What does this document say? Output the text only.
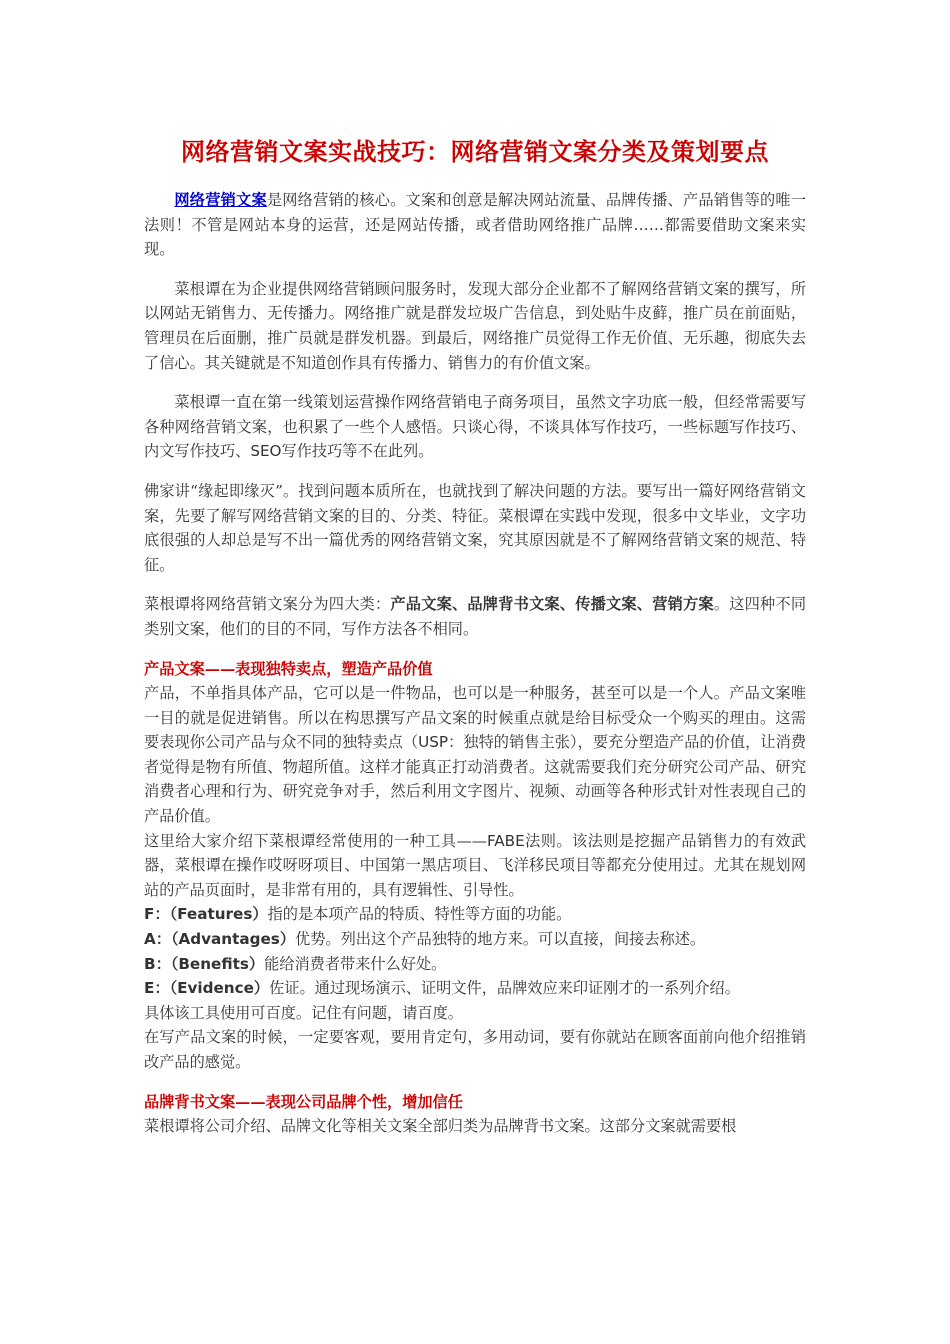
网络营销文案实战技巧：网络营销文案分类及策划要点

网络营销文案是网络营销的核心。文案和创意是解决网站流量、品牌传播、产品销售等的唯一法则！不管是网站本身的运营，还是网站传播，或者借助网络推广品牌……都需要借助文案来实现。

菜根谭在为企业提供网络营销顾问服务时，发现大部分企业都不了解网络营销文案的撰写，所以网站无销售力、无传播力。网络推广就是群发垃圾广告信息，到处贴牛皮藓，推广员在前面贴，管理员在后面删，推广员就是群发机器。到最后，网络推广员觉得工作无价值、无乐趣，彻底失去了信心。其关键就是不知道创作具有传播力、销售力的有价值文案。

菜根谭一直在第一线策划运营操作网络营销电子商务项目，虽然文字功底一般，但经常需要写各种网络营销文案，也积累了一些个人感悟。只谈心得，不谈具体写作技巧，一些标题写作技巧、内文写作技巧、SEO写作技巧等不在此列。

佛家讲“缘起即缘灭”。找到问题本质所在，也就找到了解决问题的方法。要写出一篇好网络营销文案，先要了解写网络营销文案的目的、分类、特征。菜根谭在实践中发现，很多中文毕业，文字功底很强的人却总是写不出一篇优秀的网络营销文案，究其原因就是不了解网络营销文案的规范、特征。

菜根谭将网络营销文案分为四大类：产品文案、品牌背书文案、传播文案、营销方案。这四种不同类别文案，他们的目的不同，写作方法各不相同。

产品文案——表现独特卖点，塑造产品价值

产品，不单指具体产品，它可以是一件物品，也可以是一种服务，甚至可以是一个人。产品文案唯一目的就是促进销售。所以在构思撰写产品文案的时候重点就是给目标受众一个购买的理由。这需要表现你公司产品与众不同的独特卖点（USP：独特的销售主张），要充分塑造产品的价值，让消费者觉得是物有所值、物超所值。这样才能真正打动消费者。这就需要我们充分研究公司产品、研究消费者心理和行为、研究竞争对手，然后利用文字图片、视频、动画等各种形式针对性表现自己的产品价值。

这里给大家介绍下菜根谭经常使用的一种工具——FABE法则。该法则是挖掘产品销售力的有效武器，菜根谭在操作哎呀呀项目、中国第一黑店项目、飞洋移民项目等都充分使用过。尤其在规划网站的产品页面时，是非常有用的，具有逻辑性、引导性。

F：（Features）指的是本项产品的特质、特性等方面的功能。

A：（Advantages）优势。列出这个产品独特的地方来。可以直接，间接去称述。

B：（Benefits）能给消费者带来什么好处。

E：（Evidence）佐证。通过现场演示、证明文件，品牌效应来印证刚才的一系列介绍。

具体该工具使用可百度。记住有问题，请百度。

在写产品文案的时候，一定要客观，要用肯定句，多用动词，要有你就站在顾客面前向他介绍推销改产品的感觉。

品牌背书文案——表现公司品牌个性，增加信任

菜根谭将公司介绍、品牌文化等相关文案全部归类为品牌背书文案。这部分文案就需要根
